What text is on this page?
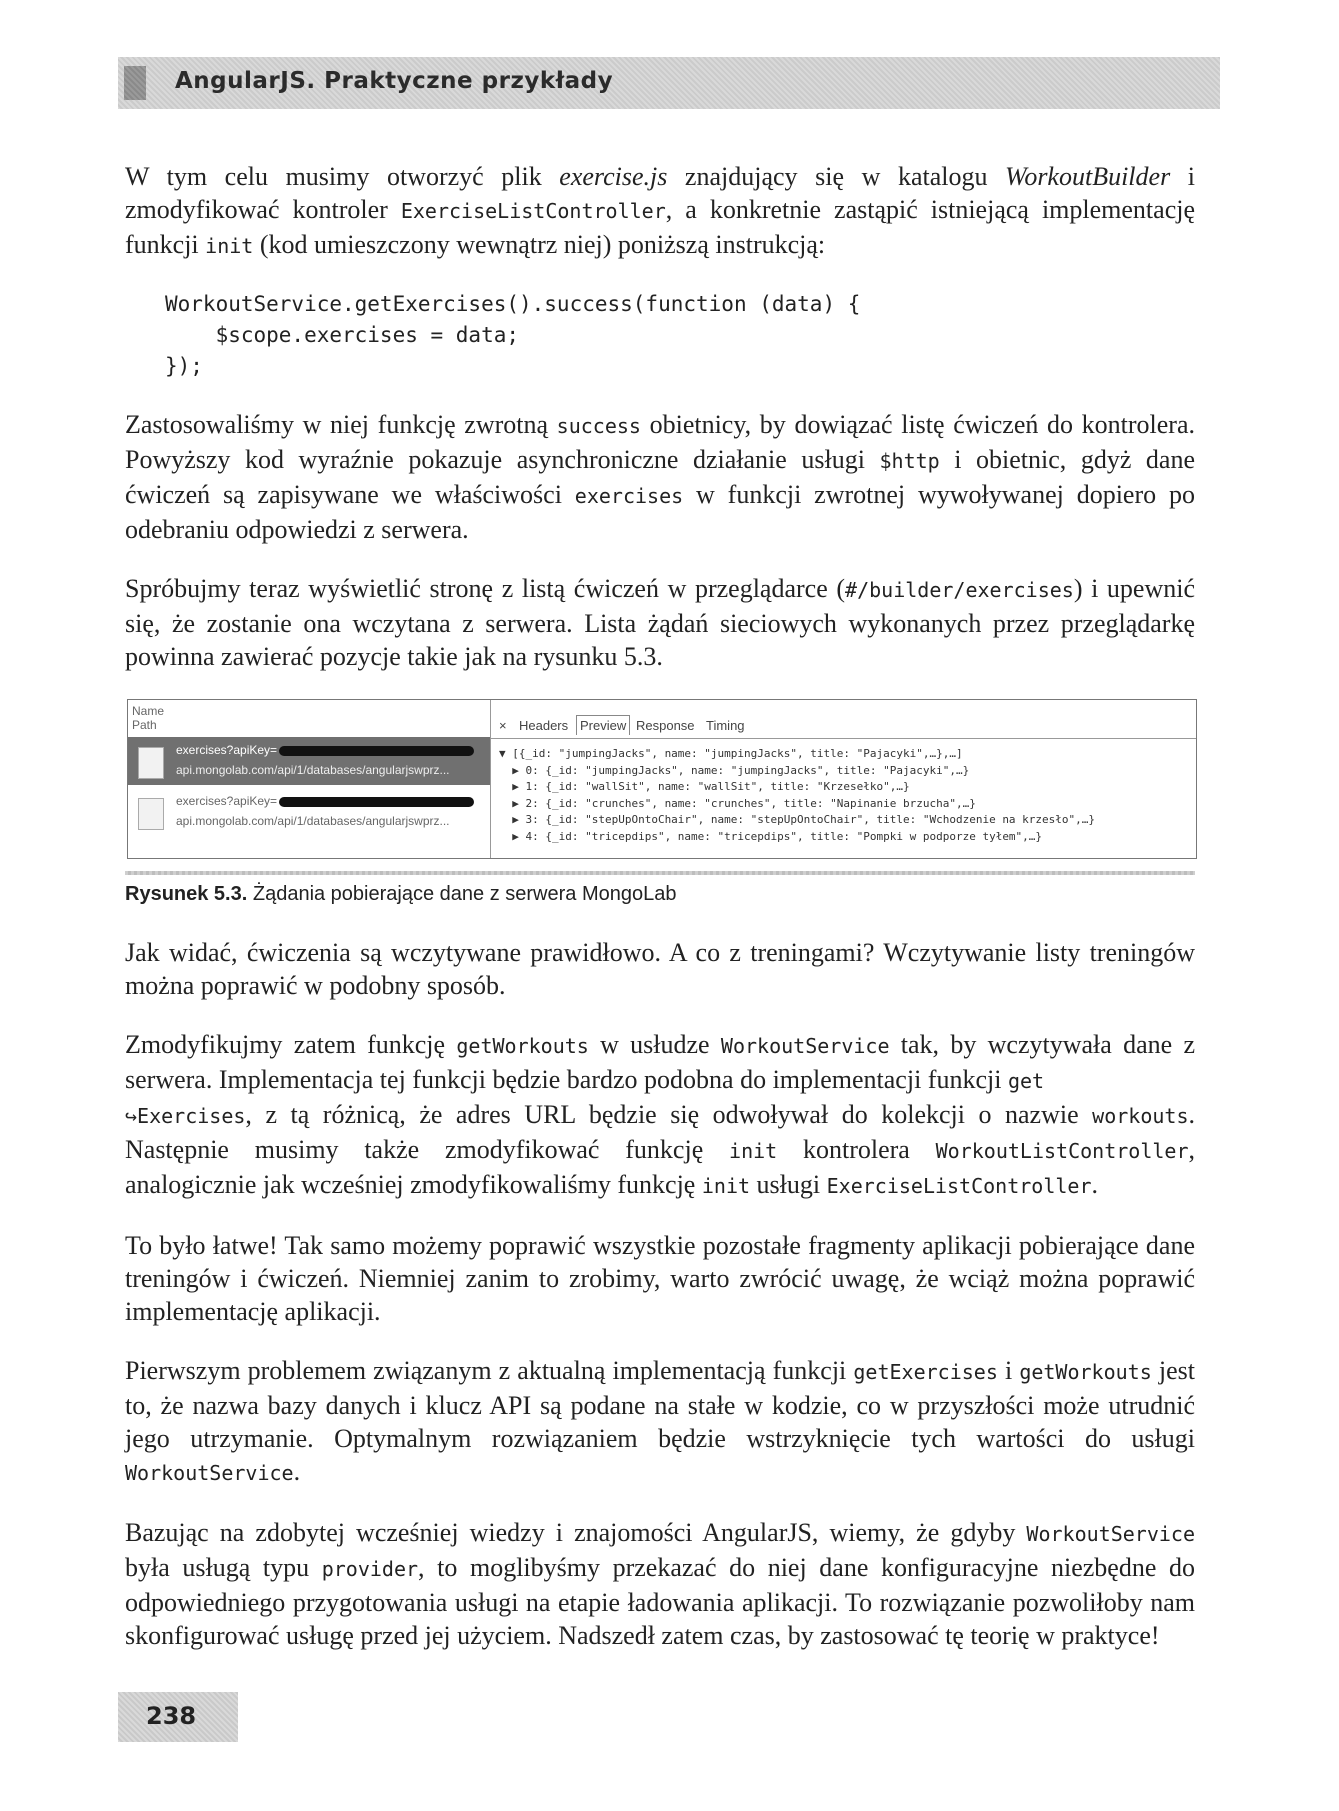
AngularJS. Praktyczne przykłady

W tym celu musimy otworzyć plik exercise.js znajdujący się w katalogu WorkoutBuilder i zmodyfikować kontroler ExerciseListController, a konkretnie zastąpić istniejącą implementację funkcji init (kod umieszczony wewnątrz niej) poniższą instrukcją:

WorkoutService.getExercises().success(function (data) {
$scope.exercises = data;
});

Zastosowaliśmy w niej funkcję zwrotną success obietnicy, by dowiązać listę ćwiczeń do kontrolera. Powyższy kod wyraźnie pokazuje asynchroniczne działanie usługi $http i obietnic, gdyż dane ćwiczeń są zapisywane we właściwości exercises w funkcji zwrotnej wywoływanej dopiero po odebraniu odpowiedzi z serwera.

Spróbujmy teraz wyświetlić stronę z listą ćwiczeń w przeglądarce (#/builder/exercises) i upewnić się, że zostanie ona wczytana z serwera. Lista żądań sieciowych wykonanych przez przeglądarkę powinna zawierać pozycje takie jak na rysunku 5.3.

Name
Path
exercises?apiKey=
api.mongolab.com/api/1/databases/angularjswprz...
exercises?apiKey=
api.mongolab.com/api/1/databases/angularjswprz...
× Headers Preview Response Timing
▼ [{_id: "jumpingJacks", name: "jumpingJacks", title: "Pajacyki",…},…]
▶ 0: {_id: "jumpingJacks", name: "jumpingJacks", title: "Pajacyki",…}
▶ 1: {_id: "wallSit", name: "wallSit", title: "Krzesełko",…}
▶ 2: {_id: "crunches", name: "crunches", title: "Napinanie brzucha",…}
▶ 3: {_id: "stepUpOntoChair", name: "stepUpOntoChair", title: "Wchodzenie na krzesło",…}
▶ 4: {_id: "tricepdips", name: "tricepdips", title: "Pompki w podporze tyłem",…}

Rysunek 5.3. Żądania pobierające dane z serwera MongoLab

Jak widać, ćwiczenia są wczytywane prawidłowo. A co z treningami? Wczytywanie listy treningów można poprawić w podobny sposób.

Zmodyfikujmy zatem funkcję getWorkouts w usłudze WorkoutService tak, by wczytywała dane z serwera. Implementacja tej funkcji będzie bardzo podobna do implementacji funkcji get
↪Exercises, z tą różnicą, że adres URL będzie się odwoływał do kolekcji o nazwie workouts. Następnie musimy także zmodyfikować funkcję init kontrolera WorkoutListController, analogicznie jak wcześniej zmodyfikowaliśmy funkcję init usługi ExerciseListController.

To było łatwe! Tak samo możemy poprawić wszystkie pozostałe fragmenty aplikacji pobierające dane treningów i ćwiczeń. Niemniej zanim to zrobimy, warto zwrócić uwagę, że wciąż można poprawić implementację aplikacji.

Pierwszym problemem związanym z aktualną implementacją funkcji getExercises i getWorkouts jest to, że nazwa bazy danych i klucz API są podane na stałe w kodzie, co w przyszłości może utrudnić jego utrzymanie. Optymalnym rozwiązaniem będzie wstrzyknięcie tych wartości do usługi WorkoutService.

Bazując na zdobytej wcześniej wiedzy i znajomości AngularJS, wiemy, że gdyby WorkoutService była usługą typu provider, to moglibyśmy przekazać do niej dane konfiguracyjne niezbędne do odpowiedniego przygotowania usługi na etapie ładowania aplikacji. To rozwiązanie pozwoliłoby nam skonfigurować usługę przed jej użyciem. Nadszedł zatem czas, by zastosować tę teorię w praktyce!

238
